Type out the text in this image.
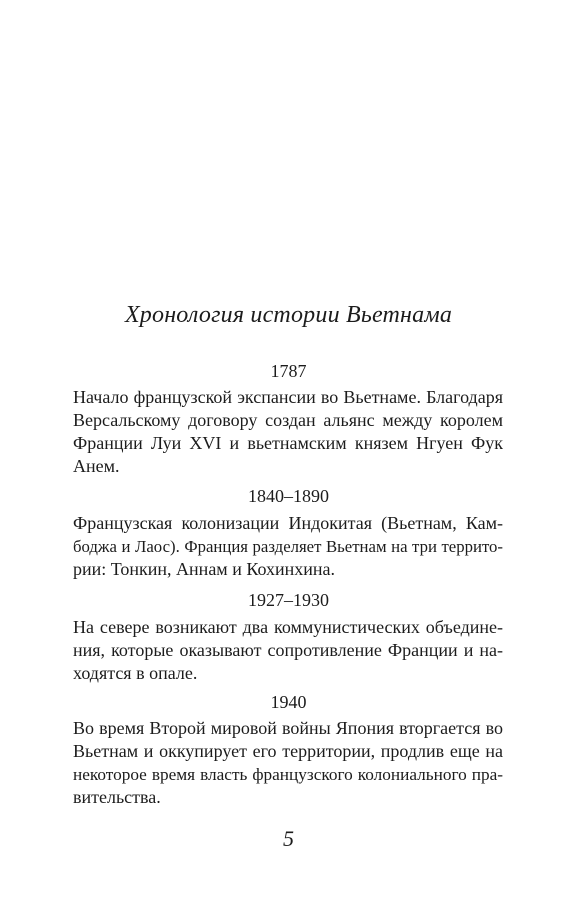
Хронология истории Вьетнама
1787
Начало французской экспансии во Вьетнаме. Благодаря
Версальскому договору создан альянс между королем
Франции Луи XVI и вьетнамским князем Нгуен Фук
Анем.
1840–1890
Французская колонизации Индокитая (Вьетнам, Кам-
боджа и Лаос). Франция разделяет Вьетнам на три террито-
рии: Тонкин, Аннам и Кохинхина.
1927–1930
На севере возникают два коммунистических объедине-
ния, которые оказывают сопротивление Франции и на-
ходятся в опале.
1940
Во время Второй мировой войны Япония вторгается во
Вьетнам и оккупирует его территории, продлив еще на
некоторое время власть французского колониального пра-
вительства.
5
